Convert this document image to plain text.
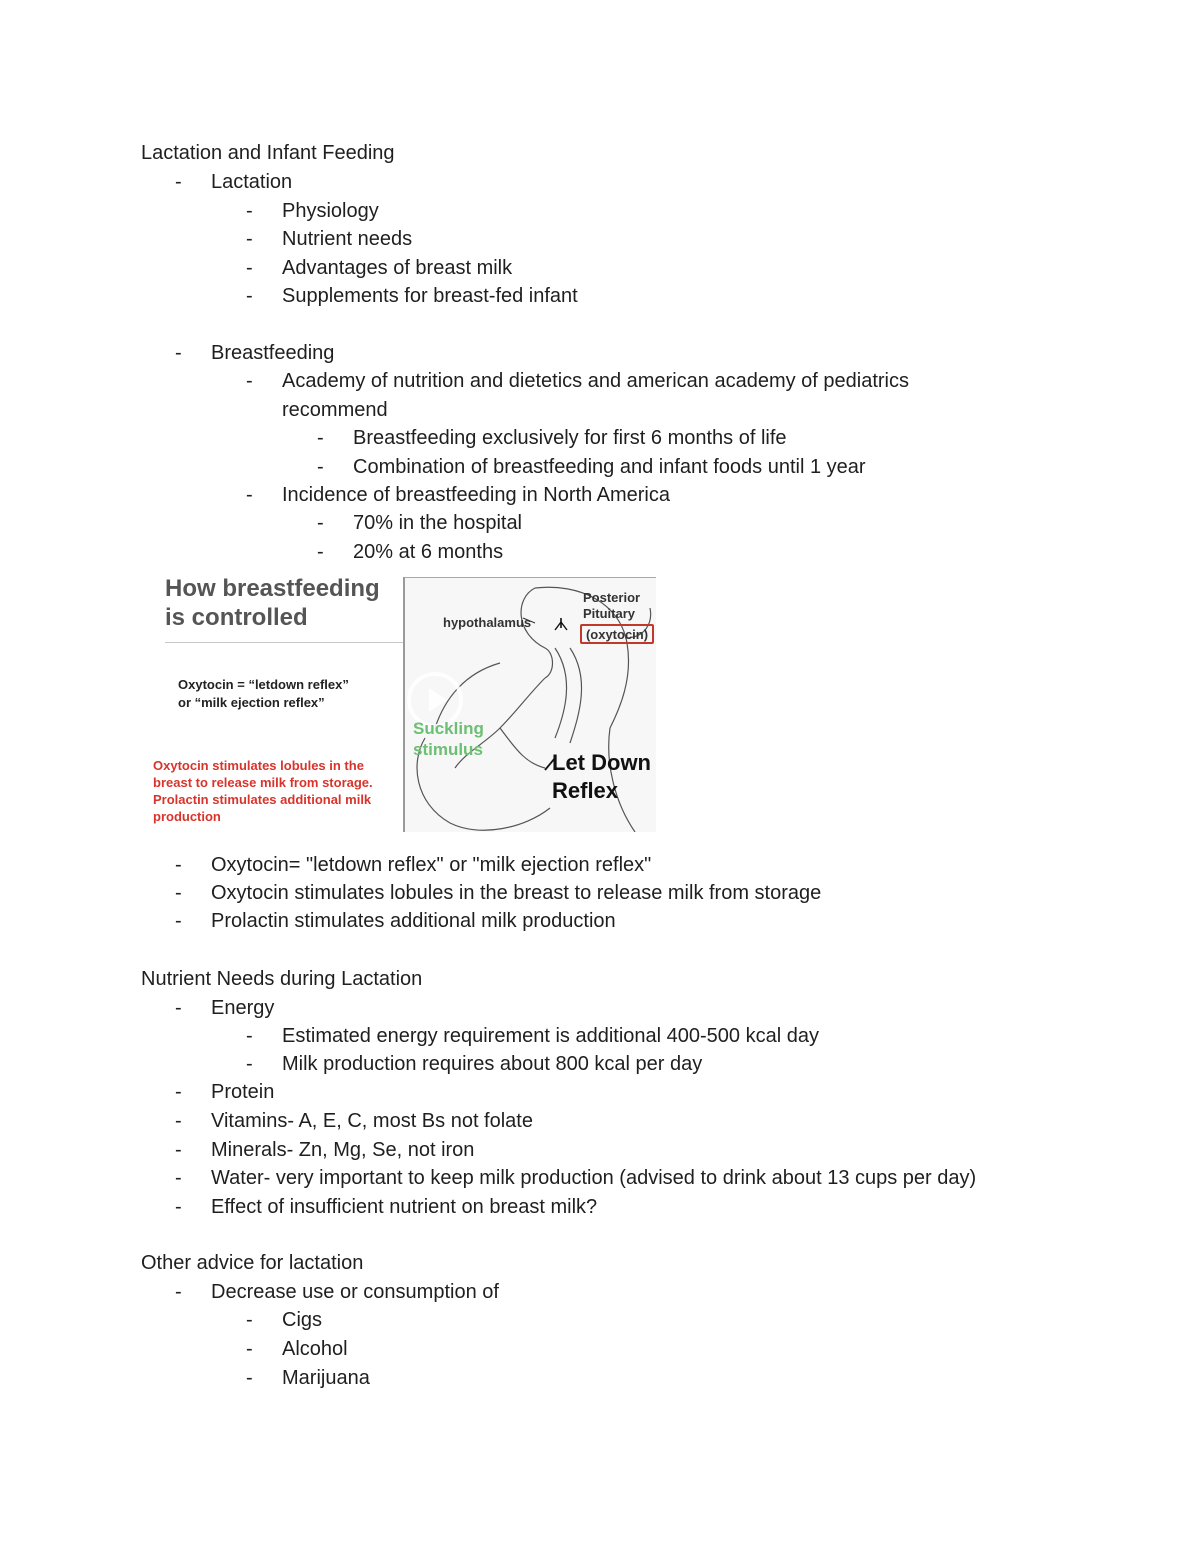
Lactation and Infant Feeding
-	Lactation
-	Physiology
-	Nutrient needs
-	Advantages of breast milk
-	Supplements for breast-fed infant
-	Breastfeeding
-	Academy of nutrition and dietetics and american academy of pediatrics
recommend
-	Breastfeeding exclusively for first 6 months of life
-	Combination of breastfeeding and infant foods until 1 year
-	Incidence of breastfeeding in North America
-	70% in the hospital
-	20% at 6 months
How breastfeeding
is controlled
Oxytocin = “letdown reflex”
or “milk ejection reflex”
Oxytocin stimulates lobules in the
breast to release milk from storage.
Prolactin stimulates additional milk
production
hypothalamus
Posterior
Pituitary
(oxytocin)
Suckling
stimulus
Let Down
Reflex
-	Oxytocin= "letdown reflex" or "milk ejection reflex"
-	Oxytocin stimulates lobules in the breast to release milk from storage
-	Prolactin stimulates additional milk production
Nutrient Needs during Lactation
-	Energy
-	Estimated energy requirement is additional 400-500 kcal day
-	Milk production requires about 800 kcal per day
-	Protein
-	Vitamins- A, E, C, most Bs not folate
-	Minerals- Zn, Mg, Se, not iron
-	Water- very important to keep milk production (advised to drink about 13 cups per day)
-	Effect of insufficient nutrient on breast milk?
Other advice for lactation
-	Decrease use or consumption of
-	Cigs
-	Alcohol
-	Marijuana
